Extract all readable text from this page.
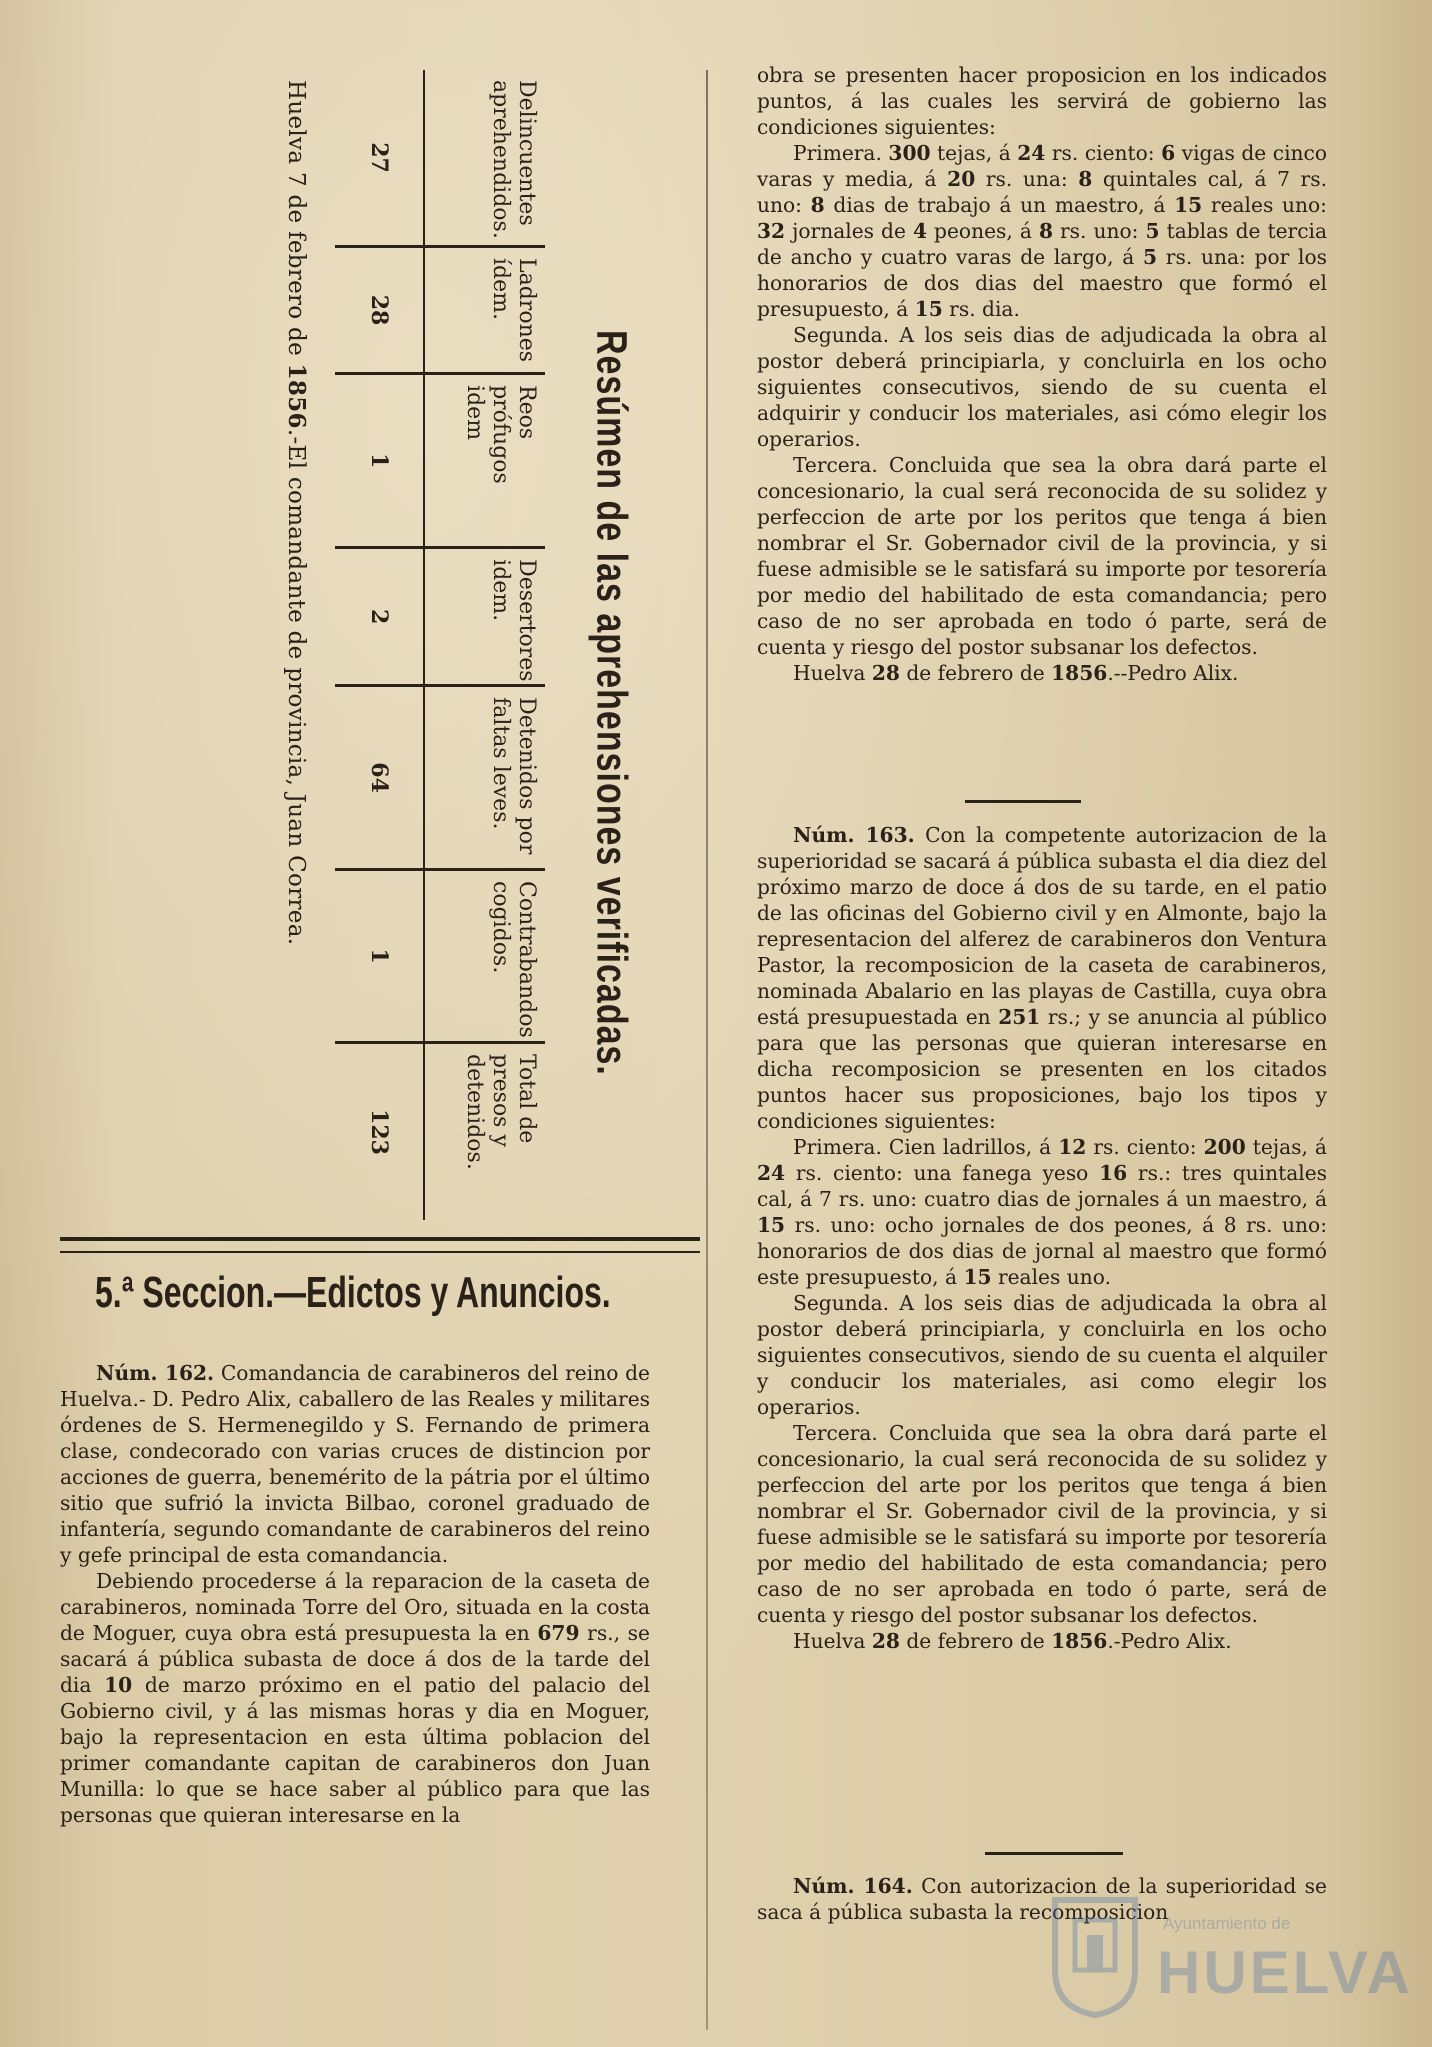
Resúmen de las aprehensiones verificadas.
Delincuentes aprehendidos.
27
Ladrones ídem.
28
Reos prófugos idem
1
Desertores idem.
2
Detenidos por faltas leves.
64
Contrabandos cogidos.
1
Total de presos y detenidos.
123
Huelva 7 de febrero de 1856.-El comandante de provincia, Juan Correa.
5.ª Seccion.—Edictos y Anuncios.

Núm. 162. Comandancia de carabineros del reino de Huelva.- D. Pedro Alix, caballero de las Reales y militares órdenes de S. Hermenegildo y S. Fernando de primera clase, condecorado con varias cruces de distincion por acciones de guerra, benemérito de la pátria por el último sitio que sufrió la invicta Bilbao, coronel graduado de infantería, segundo comandante de carabineros del reino y gefe principal de esta comandancia.

Debiendo procederse á la reparacion de la caseta de carabineros, nominada Torre del Oro, situada en la costa de Moguer, cuya obra está presupuesta la en 679 rs., se sacará á pública subasta de doce á dos de la tarde del dia 10 de marzo próximo en el patio del palacio del Gobierno civil, y á las mismas horas y dia en Moguer, bajo la representacion en esta última poblacion del primer comandante capitan de carabineros don Juan Munilla: lo que se hace saber al público para que las personas que quieran interesarse en la

obra se presenten hacer proposicion en los indicados puntos, á las cuales les servirá de gobierno las condiciones siguientes:

Primera. 300 tejas, á 24 rs. ciento: 6 vigas de cinco varas y media, á 20 rs. una: 8 quintales cal, á 7 rs. uno: 8 dias de trabajo á un maestro, á 15 reales uno: 32 jornales de 4 peones, á 8 rs. uno: 5 tablas de tercia de ancho y cuatro varas de largo, á 5 rs. una: por los honorarios de dos dias del maestro que formó el presupuesto, á 15 rs. dia.

Segunda. A los seis dias de adjudicada la obra al postor deberá principiarla, y concluirla en los ocho siguientes consecutivos, siendo de su cuenta el adquirir y conducir los materiales, asi cómo elegir los operarios.

Tercera. Concluida que sea la obra dará parte el concesionario, la cual será reconocida de su solidez y perfeccion de arte por los peritos que tenga á bien nombrar el Sr. Gobernador civil de la provincia, y si fuese admisible se le satisfará su importe por tesorería por medio del habilitado de esta comandancia; pero caso de no ser aprobada en todo ó parte, será de cuenta y riesgo del postor subsanar los defectos.

Huelva 28 de febrero de 1856.--Pedro Alix.

Núm. 163. Con la competente autorizacion de la superioridad se sacará á pública subasta el dia diez del próximo marzo de doce á dos de su tarde, en el patio de las oficinas del Gobierno civil y en Almonte, bajo la representacion del alferez de carabineros don Ventura Pastor, la recomposicion de la caseta de carabineros, nominada Abalario en las playas de Castilla, cuya obra está presupuestada en 251 rs.; y se anuncia al público para que las personas que quieran interesarse en dicha recomposicion se presenten en los citados puntos hacer sus proposiciones, bajo los tipos y condiciones siguientes:

Primera. Cien ladrillos, á 12 rs. ciento: 200 tejas, á 24 rs. ciento: una fanega yeso 16 rs.: tres quintales cal, á 7 rs. uno: cuatro dias de jornales á un maestro, á 15 rs. uno: ocho jornales de dos peones, á 8 rs. uno: honorarios de dos dias de jornal al maestro que formó este presupuesto, á 15 reales uno.

Segunda. A los seis dias de adjudicada la obra al postor deberá principiarla, y concluirla en los ocho siguientes consecutivos, siendo de su cuenta el alquiler y conducir los materiales, asi como elegir los operarios.

Tercera. Concluida que sea la obra dará parte el concesionario, la cual será reconocida de su solidez y perfeccion del arte por los peritos que tenga á bien nombrar el Sr. Gobernador civil de la provincia, y si fuese admisible se le satisfará su importe por tesorería por medio del habilitado de esta comandancia; pero caso de no ser aprobada en todo ó parte, será de cuenta y riesgo del postor subsanar los defectos.

Huelva 28 de febrero de 1856.-Pedro Alix.

Núm. 164. Con autorizacion de la superioridad se saca á pública subasta la recomposicion

Ayuntamiento de
HUELVA
